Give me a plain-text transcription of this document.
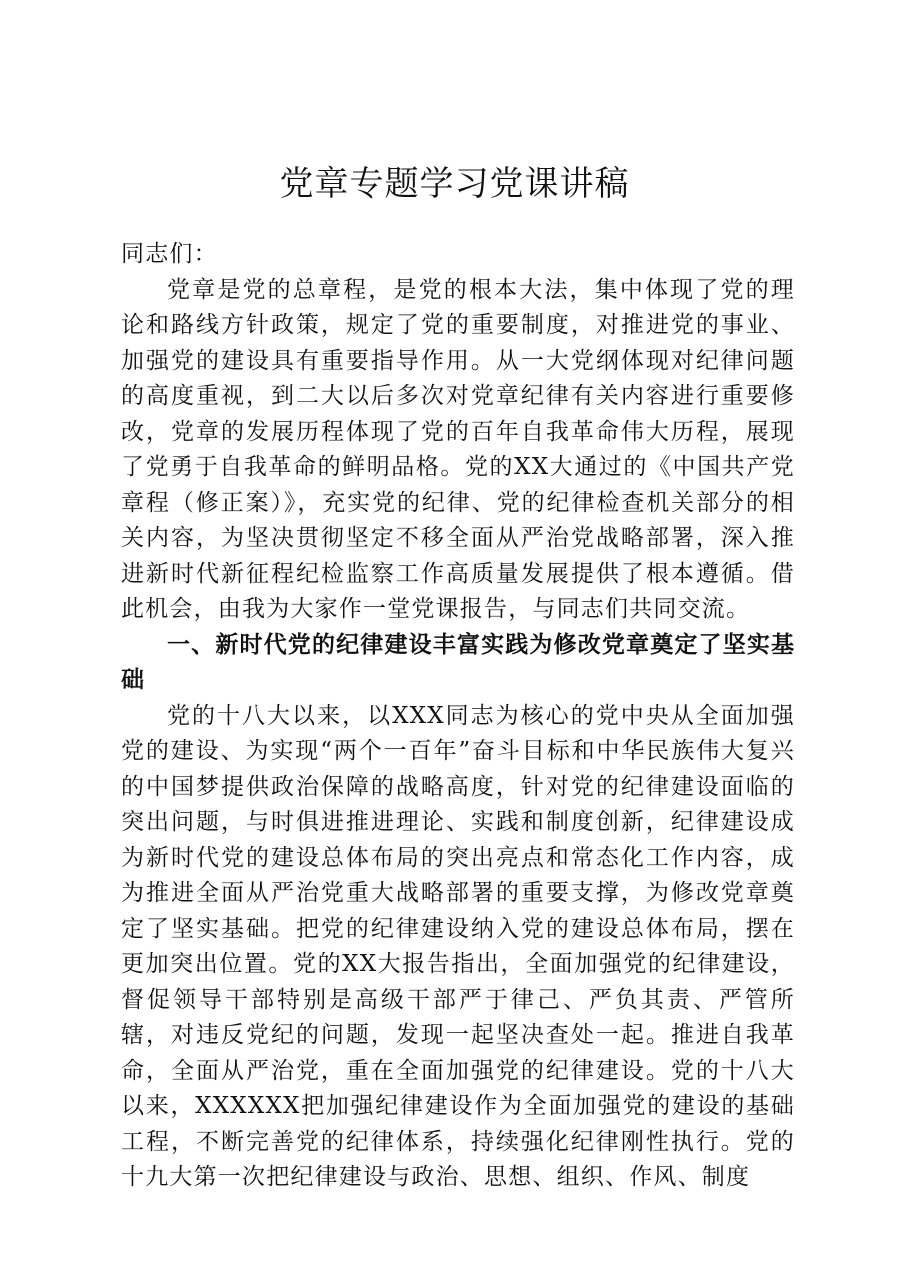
党章专题学习党课讲稿

同志们：

党章是党的总章程，是党的根本大法，集中体现了党的理论和路线方针政策，规定了党的重要制度，对推进党的事业、加强党的建设具有重要指导作用。从一大党纲体现对纪律问题的高度重视，到二大以后多次对党章纪律有关内容进行重要修改，党章的发展历程体现了党的百年自我革命伟大历程，展现了党勇于自我革命的鲜明品格。党的XX大通过的《中国共产党章程（修正案）》，充实党的纪律、党的纪律检查机关部分的相关内容，为坚决贯彻坚定不移全面从严治党战略部署，深入推进新时代新征程纪检监察工作高质量发展提供了根本遵循。借此机会，由我为大家作一堂党课报告，与同志们共同交流。

一、新时代党的纪律建设丰富实践为修改党章奠定了坚实基础

党的十八大以来，以XXX同志为核心的党中央从全面加强党的建设、为实现“两个一百年”奋斗目标和中华民族伟大复兴的中国梦提供政治保障的战略高度，针对党的纪律建设面临的突出问题，与时俱进推进理论、实践和制度创新，纪律建设成为新时代党的建设总体布局的突出亮点和常态化工作内容，成为推进全面从严治党重大战略部署的重要支撑，为修改党章奠定了坚实基础。把党的纪律建设纳入党的建设总体布局，摆在更加突出位置。党的XX大报告指出，全面加强党的纪律建设，督促领导干部特别是高级干部严于律己、严负其责、严管所辖，对违反党纪的问题，发现一起坚决查处一起。推进自我革命，全面从严治党，重在全面加强党的纪律建设。党的十八大以来，XXXXXX把加强纪律建设作为全面加强党的建设的基础工程，不断完善党的纪律体系，持续强化纪律刚性执行。党的十九大第一次把纪律建设与政治、思想、组织、作风、制度
